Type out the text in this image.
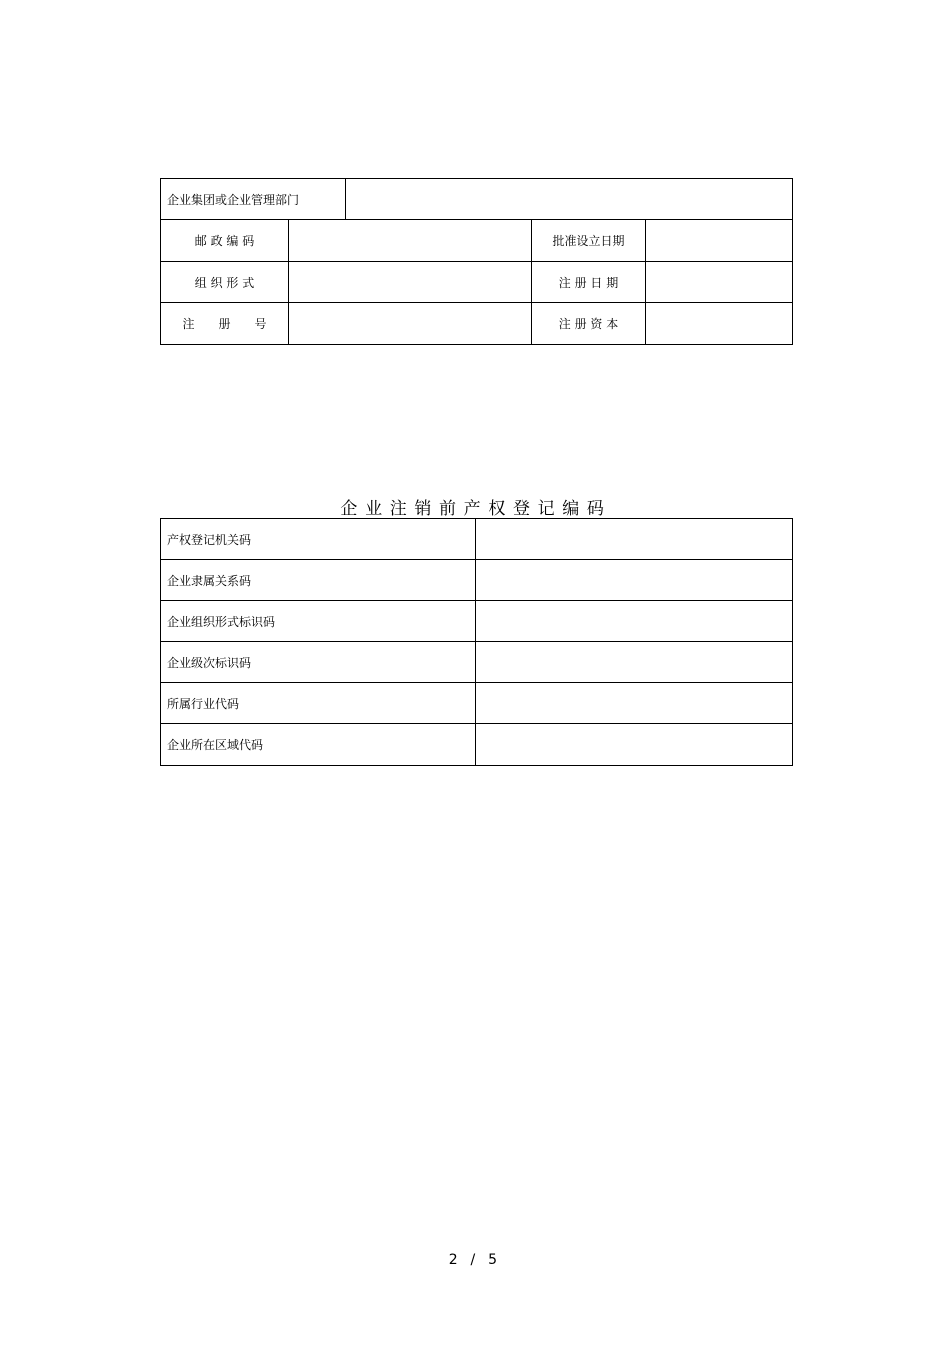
企业集团或企业管理部门				
邮 政 编 码			批准设立日期	
组 织 形 式			注 册 日 期	
注　　册　　号			注 册 资 本	
企业注销前产权登记编码
产权登记机关码	
企业隶属关系码	
企业组织形式标识码	
企业级次标识码	
所属行业代码	
企业所在区域代码	
2 / 5
